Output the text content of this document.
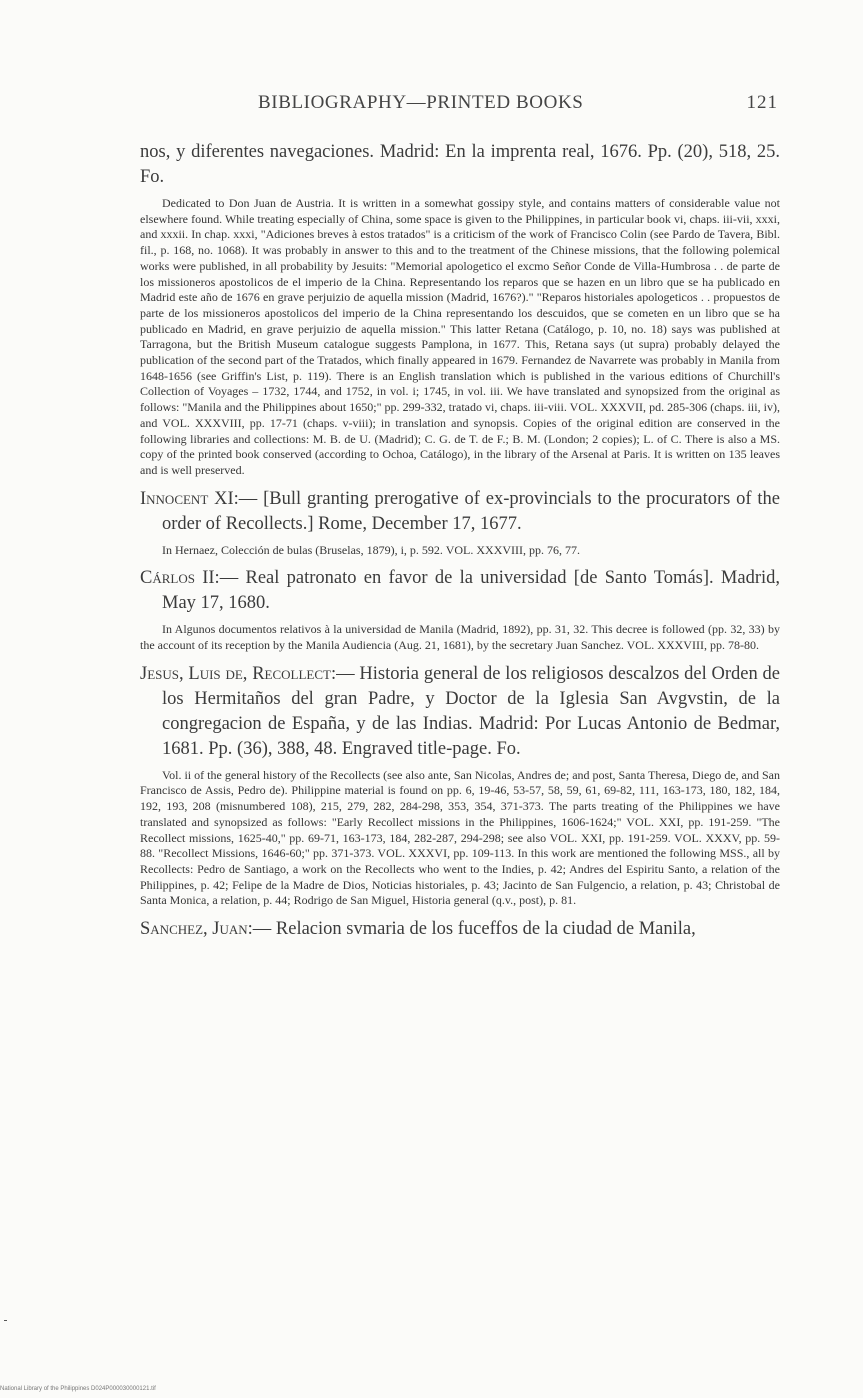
BIBLIOGRAPHY—PRINTED BOOKS	121

nos, y diferentes navegaciones. Madrid: En la imprenta real, 1676. Pp. (20), 518, 25. Fo.

Dedicated to Don Juan de Austria. It is written in a somewhat gossipy style, and contains matters of considerable value not elsewhere found. While treating especially of China, some space is given to the Philippines, in particular book vi, chaps. iii-vii, xxxi, and xxxii. In chap. xxxi, "Adiciones breves à estos tratados" is a criticism of the work of Francisco Colin (see Pardo de Tavera, Bibl. fil., p. 168, no. 1068). It was probably in answer to this and to the treatment of the Chinese missions, that the following polemical works were published, in all probability by Jesuits: "Memorial apologetico el excmo Señor Conde de Villa-Humbrosa . . de parte de los missioneros apostolicos de el imperio de la China. Representando los reparos que se hazen en un libro que se ha publicado en Madrid este año de 1676 en grave perjuizio de aquella mission (Madrid, 1676?)." "Reparos historiales apologeticos . . propuestos de parte de los missioneros apostolicos del imperio de la China representando los descuidos, que se cometen en un libro que se ha publicado en Madrid, en grave perjuizio de aquella mission." This latter Retana (Catálogo, p. 10, no. 18) says was published at Tarragona, but the British Museum catalogue suggests Pamplona, in 1677. This, Retana says (ut supra) probably delayed the publication of the second part of the Tratados, which finally appeared in 1679. Fernandez de Navarrete was probably in Manila from 1648-1656 (see Griffin's List, p. 119). There is an English translation which is published in the various editions of Churchill's Collection of Voyages – 1732, 1744, and 1752, in vol. i; 1745, in vol. iii. We have translated and synopsized from the original as follows: "Manila and the Philippines about 1650;" pp. 299-332, tratado vi, chaps. iii-viii. VOL. XXXVII, pd. 285-306 (chaps. iii, iv), and VOL. XXXVIII, pp. 17-71 (chaps. v-viii); in translation and synopsis. Copies of the original edition are conserved in the following libraries and collections: M. B. de U. (Madrid); C. G. de T. de F.; B. M. (London; 2 copies); L. of C. There is also a MS. copy of the printed book conserved (according to Ochoa, Catálogo), in the library of the Arsenal at Paris. It is written on 135 leaves and is well preserved.

Innocent XI:— [Bull granting prerogative of ex-provincials to the procurators of the order of Recollects.] Rome, December 17, 1677.

In Hernaez, Colección de bulas (Bruselas, 1879), i, p. 592. VOL. XXXVIII, pp. 76, 77.

Cárlos II:— Real patronato en favor de la universidad [de Santo Tomás]. Madrid, May 17, 1680.

In Algunos documentos relativos à la universidad de Manila (Madrid, 1892), pp. 31, 32. This decree is followed (pp. 32, 33) by the account of its reception by the Manila Audiencia (Aug. 21, 1681), by the secretary Juan Sanchez. VOL. XXXVIII, pp. 78-80.

Jesus, Luis de, Recollect:— Historia general de los religiosos descalzos del Orden de los Hermitaños del gran Padre, y Doctor de la Iglesia San Avgvstin, de la congregacion de España, y de las Indias. Madrid: Por Lucas Antonio de Bedmar, 1681. Pp. (36), 388, 48. Engraved title-page. Fo.

Vol. ii of the general history of the Recollects (see also ante, San Nicolas, Andres de; and post, Santa Theresa, Diego de, and San Francisco de Assis, Pedro de). Philippine material is found on pp. 6, 19-46, 53-57, 58, 59, 61, 69-82, 111, 163-173, 180, 182, 184, 192, 193, 208 (misnumbered 108), 215, 279, 282, 284-298, 353, 354, 371-373. The parts treating of the Philippines we have translated and synopsized as follows: "Early Recollect missions in the Philippines, 1606-1624;" VOL. XXI, pp. 191-259. "The Recollect missions, 1625-40," pp. 69-71, 163-173, 184, 282-287, 294-298; see also VOL. XXI, pp. 191-259. VOL. XXXV, pp. 59-88. "Recollect Missions, 1646-60;" pp. 371-373. VOL. XXXVI, pp. 109-113. In this work are mentioned the following MSS., all by Recollects: Pedro de Santiago, a work on the Recollects who went to the Indies, p. 42; Andres del Espiritu Santo, a relation of the Philippines, p. 42; Felipe de la Madre de Dios, Noticias historiales, p. 43; Jacinto de San Fulgencio, a relation, p. 43; Christobal de Santa Monica, a relation, p. 44; Rodrigo de San Miguel, Historia general (q.v., post), p. 81.

Sanchez, Juan:— Relacion svmaria de los fuceffos de la ciudad de Manila,

National Library of the Philippines D024P000030000121.tif
